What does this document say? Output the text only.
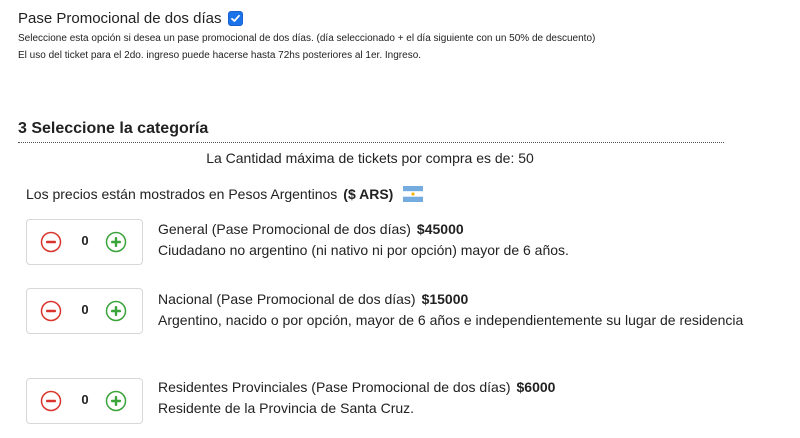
Pase Promocional de dos días
Seleccione esta opción si desea un pase promocional de dos días. (día seleccionado + el día siguiente con un 50% de descuento)
El uso del ticket para el 2do. ingreso puede hacerse hasta 72hs posteriores al 1er. Ingreso.
3 Seleccione la categoría
La Cantidad máxima de tickets por compra es de: 50
Los precios están mostrados en Pesos Argentinos ($ ARS)
0
General (Pase Promocional de dos días) $45000
Ciudadano no argentino (ni nativo ni por opción) mayor de 6 años.
0
Nacional (Pase Promocional de dos días) $15000
Argentino, nacido o por opción, mayor de 6 años e independientemente su lugar de residencia
0
Residentes Provinciales (Pase Promocional de dos días) $6000
Residente de la Provincia de Santa Cruz.
